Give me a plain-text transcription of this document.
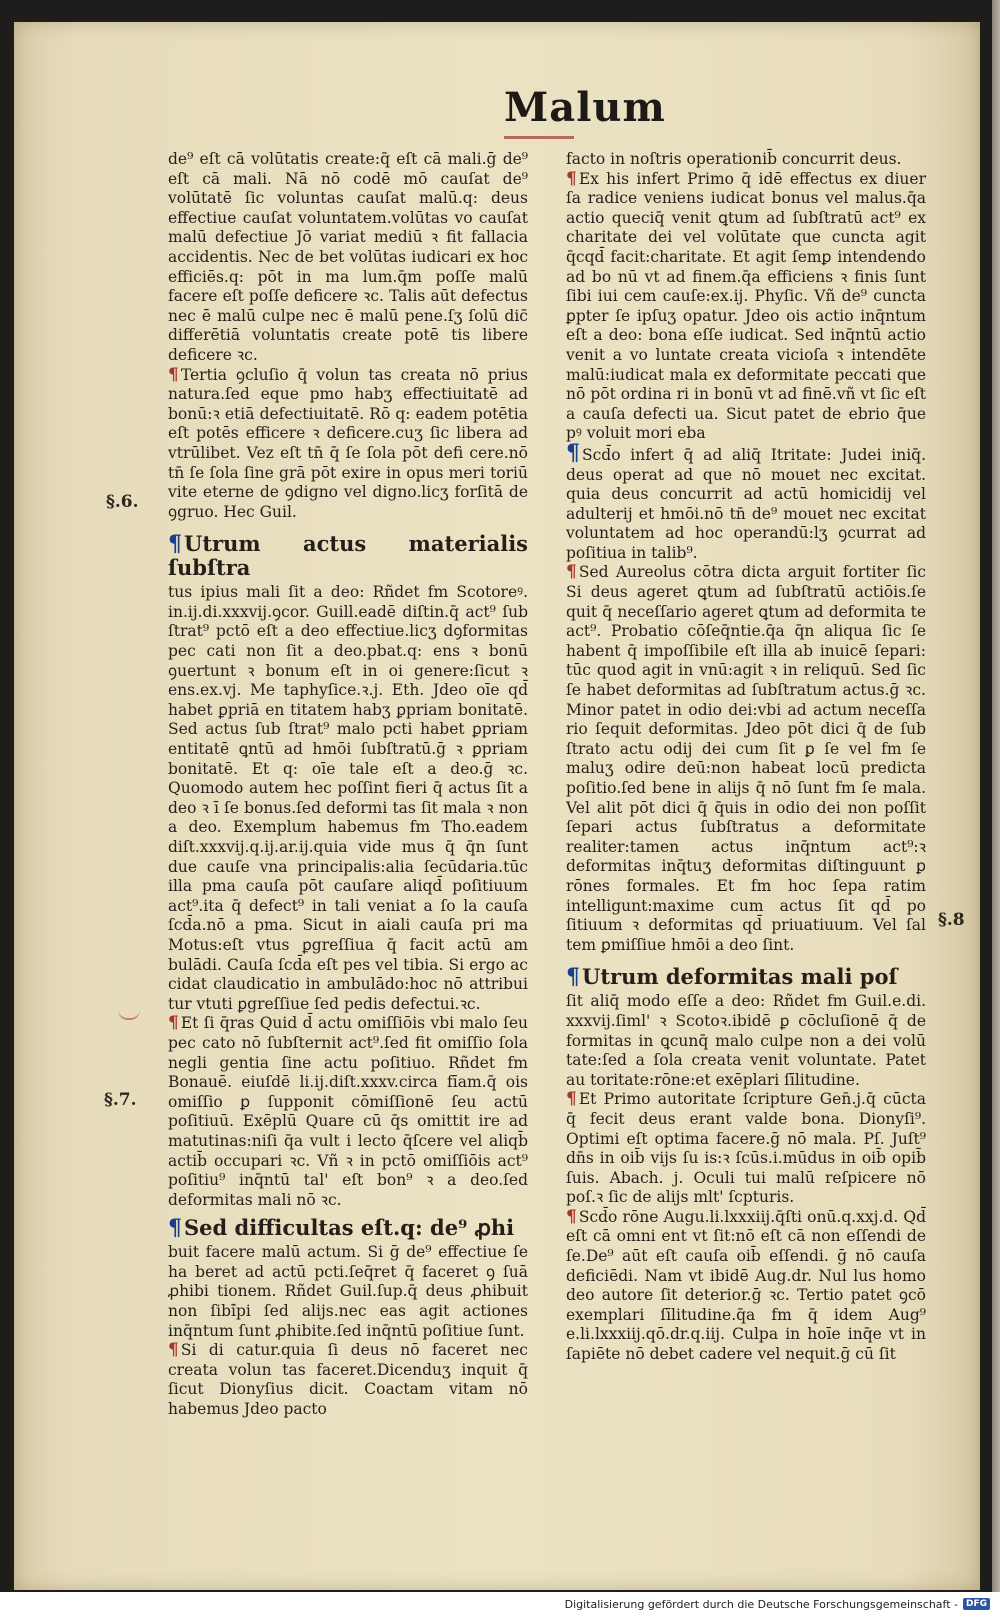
Malum
§.6.
§.8
§.7.

de⁹ eſt cā volūtatis create:q̄ eſt cā mali.ḡ de⁹ eſt cā mali. Nā nō codē mō cauſat de⁹ volūtatē ſic voluntas cauſat malū.q: deus effectiue cauſat voluntatem.volūtas vo cauſat malū defectiue Jō variat mediū ꝛ fit fallacia accidentis. Nec de bet volūtas iudicari ex hoc efficiēs.q: pōt in ma lum.q̄m poſſe malū facere eſt poſſe deficere ꝛc. Talis aūt defectus nec ē malū culpe nec ē malū pene.ſʒ ſolū dic̄ differētiā voluntatis create potē tis libere deficere ꝛc.

¶ Tertia ꝯcluſio q̄ volun tas creata nō prius natura.ſed eque pmo habʒ effectiuitatē ad bonū:ꝛ etiā defectiuitatē. Rō q: eadem potētia eſt potēs efficere ꝛ deficere.cuʒ ſic libera ad vtrūlibet. Vez eſt tn̄ q̄ ſe ſola pōt defi cere.nō tn̄ ſe ſola ſine grā pōt exire in opus meri toriū vite eterne de ꝯdigno vel digno.licʒ forſitā de ꝯgruo. Hec Guil.

¶Utrum actus materialis ſubſtra

tus ipius mali ſit a deo: Rñdet fm Scotoreꝰ. in.ij.di.xxxvij.ꝯcor. Guill.eadē diſtin.q̄ act⁹ ſub ſtrat⁹ pctō eſt a deo effectiue.licʒ dꝯformitas pec cati non ſit a deo.pbat.q: ens ꝛ bonū ꝯuertunt ꝛ bonum eſt in oi genere:ſicut ꝛ ens.ex.vj. Me taphyſice.ꝛ.j. Eth. Jdeo oīe qd̄ habet ꝑpriā en titatem habʒ ꝑpriam bonitatē. Sed actus ſub ſtrat⁹ malo pcti habet ꝑpriam entitatē ꝗntū ad hmōi ſubſtratū.ḡ ꝛ ꝑpriam bonitatē. Et q: oīe tale eſt a deo.ḡ ꝛc. Quomodo autem hec poſſint fieri q̄ actus ſit a deo ꝛ ī ſe bonus.ſed deformi tas ſit mala ꝛ non a deo. Exemplum habemus fm Tho.eadem diſt.xxxvij.q.ij.ar.ij.quia vide mus q̄ q̄n ſunt due cauſe vna principalis:alia ſecūdaria.tūc illa pma cauſa pōt cauſare aliqd̄ poſitiuum act⁹.ita q̄ defect⁹ in tali veniat a ſo la cauſa ſcd̄a.nō a pma. Sicut in aiali cauſa pri ma Motus:eſt vtus ꝑgreſſiua q̄ facit actū am bulādi. Cauſa ſcd̄a eſt pes vel tibia. Si ergo ac cidat claudicatio in ambulādo:hoc nō attribui tur vtuti ꝑgreſſiue ſed pedis defectui.ꝛc.

¶ Et ſi q̄ras Quid d̄ actu omiſſiōis vbi malo ſeu pec cato nō ſubſternit act⁹.ſed fit omiſſio ſola negli gentia ſine actu poſitiuo. Rñdet fm Bonauē. eiuſdē li.ij.diſt.xxxv.circa fīam.q̄ ois omiſſio ꝑ ſupponit cōmiſſionē ſeu actū poſitiuū. Exēplū Quare cū q̄s omittit ire ad matutinas:niſi q̄a vult i lecto q̄ſcere vel aliqb̄ actib̄ occupari ꝛc. Vñ ꝛ in pctō omiſſiōis act⁹ poſitiu⁹ inq̄ntū tal' eſt bon⁹ ꝛ a deo.ſed deformitas mali nō ꝛc.

¶Sed difficultas eſt.q: de⁹ ꝓhi

buit facere malū actum. Si ḡ de⁹ effectiue ſe ha beret ad actū pcti.ſeq̄ret q̄ faceret ꝯ ſuā ꝓhibi tionem. Rñdet Guil.ſup.q̄ deus ꝓhibuit non ſibi̇̄pi ſed alijs.nec eas agit actiones inq̄ntum ſunt ꝓhibite.ſed inq̄ntū poſitiue ſunt.

¶ Si di catur.quia ſi deus nō faceret nec creata volun tas faceret.Dicenduʒ inquit q̄ ſicut Dionyſius dicit. Coactam vitam nō habemus Jdeo pacto

facto in noſtris operationib̄ concurrit deus.

¶ Ex his infert Primo q̄ idē effectus ex diuer ſa radice veniens iudicat bonus vel malus.q̄a actio queciq̄ venit ꝗtum ad ſubſtratū act⁹ ex charitate dei vel volūtate que cuncta agit q̄cqd̄ facit:charitate. Et agit ſemꝑ intendendo ad bo nū vt ad finem.q̄a efficiens ꝛ finis ſunt ſibi iui cem cauſe:ex.ij. Phyſic. Vñ de⁹ cuncta ꝑpter ſe ipſuʒ opatur. Jdeo ois actio inq̄ntum eſt a deo: bona eſſe iudicat. Sed inq̄ntū actio venit a vo luntate creata vicioſa ꝛ intendēte malū:iudicat mala ex deformitate peccati que nō pōt ordina ri in bonū vt ad finē.vñ vt ſic eſt a cauſa defecti ua. Sicut patet de ebrio q̄ue pꝰ voluit mori eba

¶ Scd̄o infert q̄ ad aliq̄ Itritate: Judei iniq̄. deus operat ad que nō mouet nec excitat. quia deus concurrit ad actū homicidij vel adulterij et hmōi.nō tn̄ de⁹ mouet nec excitat voluntatem ad hoc operandū:lʒ ꝯcurrat ad poſitiua in talib⁹.

¶ Sed Aureolus cōtra dicta arguit fortiter ſic Si deus ageret ꝗtum ad ſubſtratū actiōis.ſe quit q̄ neceſſario ageret ꝗtum ad deformita te act⁹. Probatio cōſeq̄ntie.q̄a q̄n aliqua ſic ſe habent q̄ impoſſibile eſt illa ab inuicē ſepari: tūc quod agit in vnū:agit ꝛ in reliquū. Sed ſic ſe habet deformitas ad ſubſtratum actus.ḡ ꝛc. Minor patet in odio dei:vbi ad actum neceſſa rio ſequit deformitas. Jdeo pōt dici q̄ de ſub ſtrato actu odij dei cum ſit ꝑ ſe vel fm ſe maluʒ odire deū:non habeat locū predicta poſitio.ſed bene in alijs q̄ nō ſunt fm ſe mala. Vel alit pōt dici q̄ q̄uis in odio dei non poſſit ſepari actus ſubſtratus a deformitate realiter:tamen actus inq̄ntum act⁹:ꝛ deformitas inq̄tuʒ deformitas diſtinguunt ꝑ rōnes formales. Et fm hoc ſepa ratim intelligunt:maxime cum actus ſit qd̄ po ſitiuum ꝛ deformitas qd̄ priuatiuum. Vel ſal tem ꝑmiſſiue hmōi a deo ſint.

¶Utrum deformitas mali poſ

ſit aliq̄ modo eſſe a deo: Rñdet fm Guil.e.di. xxxvij.ſiml' ꝛ Scotoꝛ.ibidē ꝑ cōcluſionē q̄ de formitas in ꝗcunq̄ malo culpe non a dei volū tate:ſed a ſola creata venit voluntate. Patet au toritate:rōne:et exēplari ſīlitudine.

¶ Et Primo autoritate ſcripture Gen̄.j.q̄ cūcta q̄ fecit deus erant valde bona. Dionyſi⁹. Optimi eſt optima facere.ḡ nō mala. Pſ. Juſt⁹ dn̄s in oib̄ vijs ſu is:ꝛ ſcūs.i.mūdus in oib̄ opib̄ ſuis. Abach. j. Oculi tui malū reſpicere nō poſ.ꝛ ſic de alijs mlt' ſcpturis.

¶ Scd̄o rōne Augu.li.lxxxiij.q̄ſti onū.q.xxj.d. Qd̄ eſt cā omni ent vt ſit:nō eſt cā non eſſendi de ſe.De⁹ aūt eſt cauſa oib̄ eſſendi. ḡ nō cauſa deficiēdi. Nam vt ibidē Aug.dr. Nul lus homo deo autore ſit deterior.ḡ ꝛc. Tertio patet ꝯcō exemplari ſīlitudine.q̄a fm q̄ idem Aug⁹ e.li.lxxxiij.qō.dr.q.iij. Culpa in hoīe inq̄e vt in ſapiēte nō debet cadere vel nequit.ḡ cū ſit

Digitalisierung gefördert durch die Deutsche Forschungsgemeinschaft - DFG
